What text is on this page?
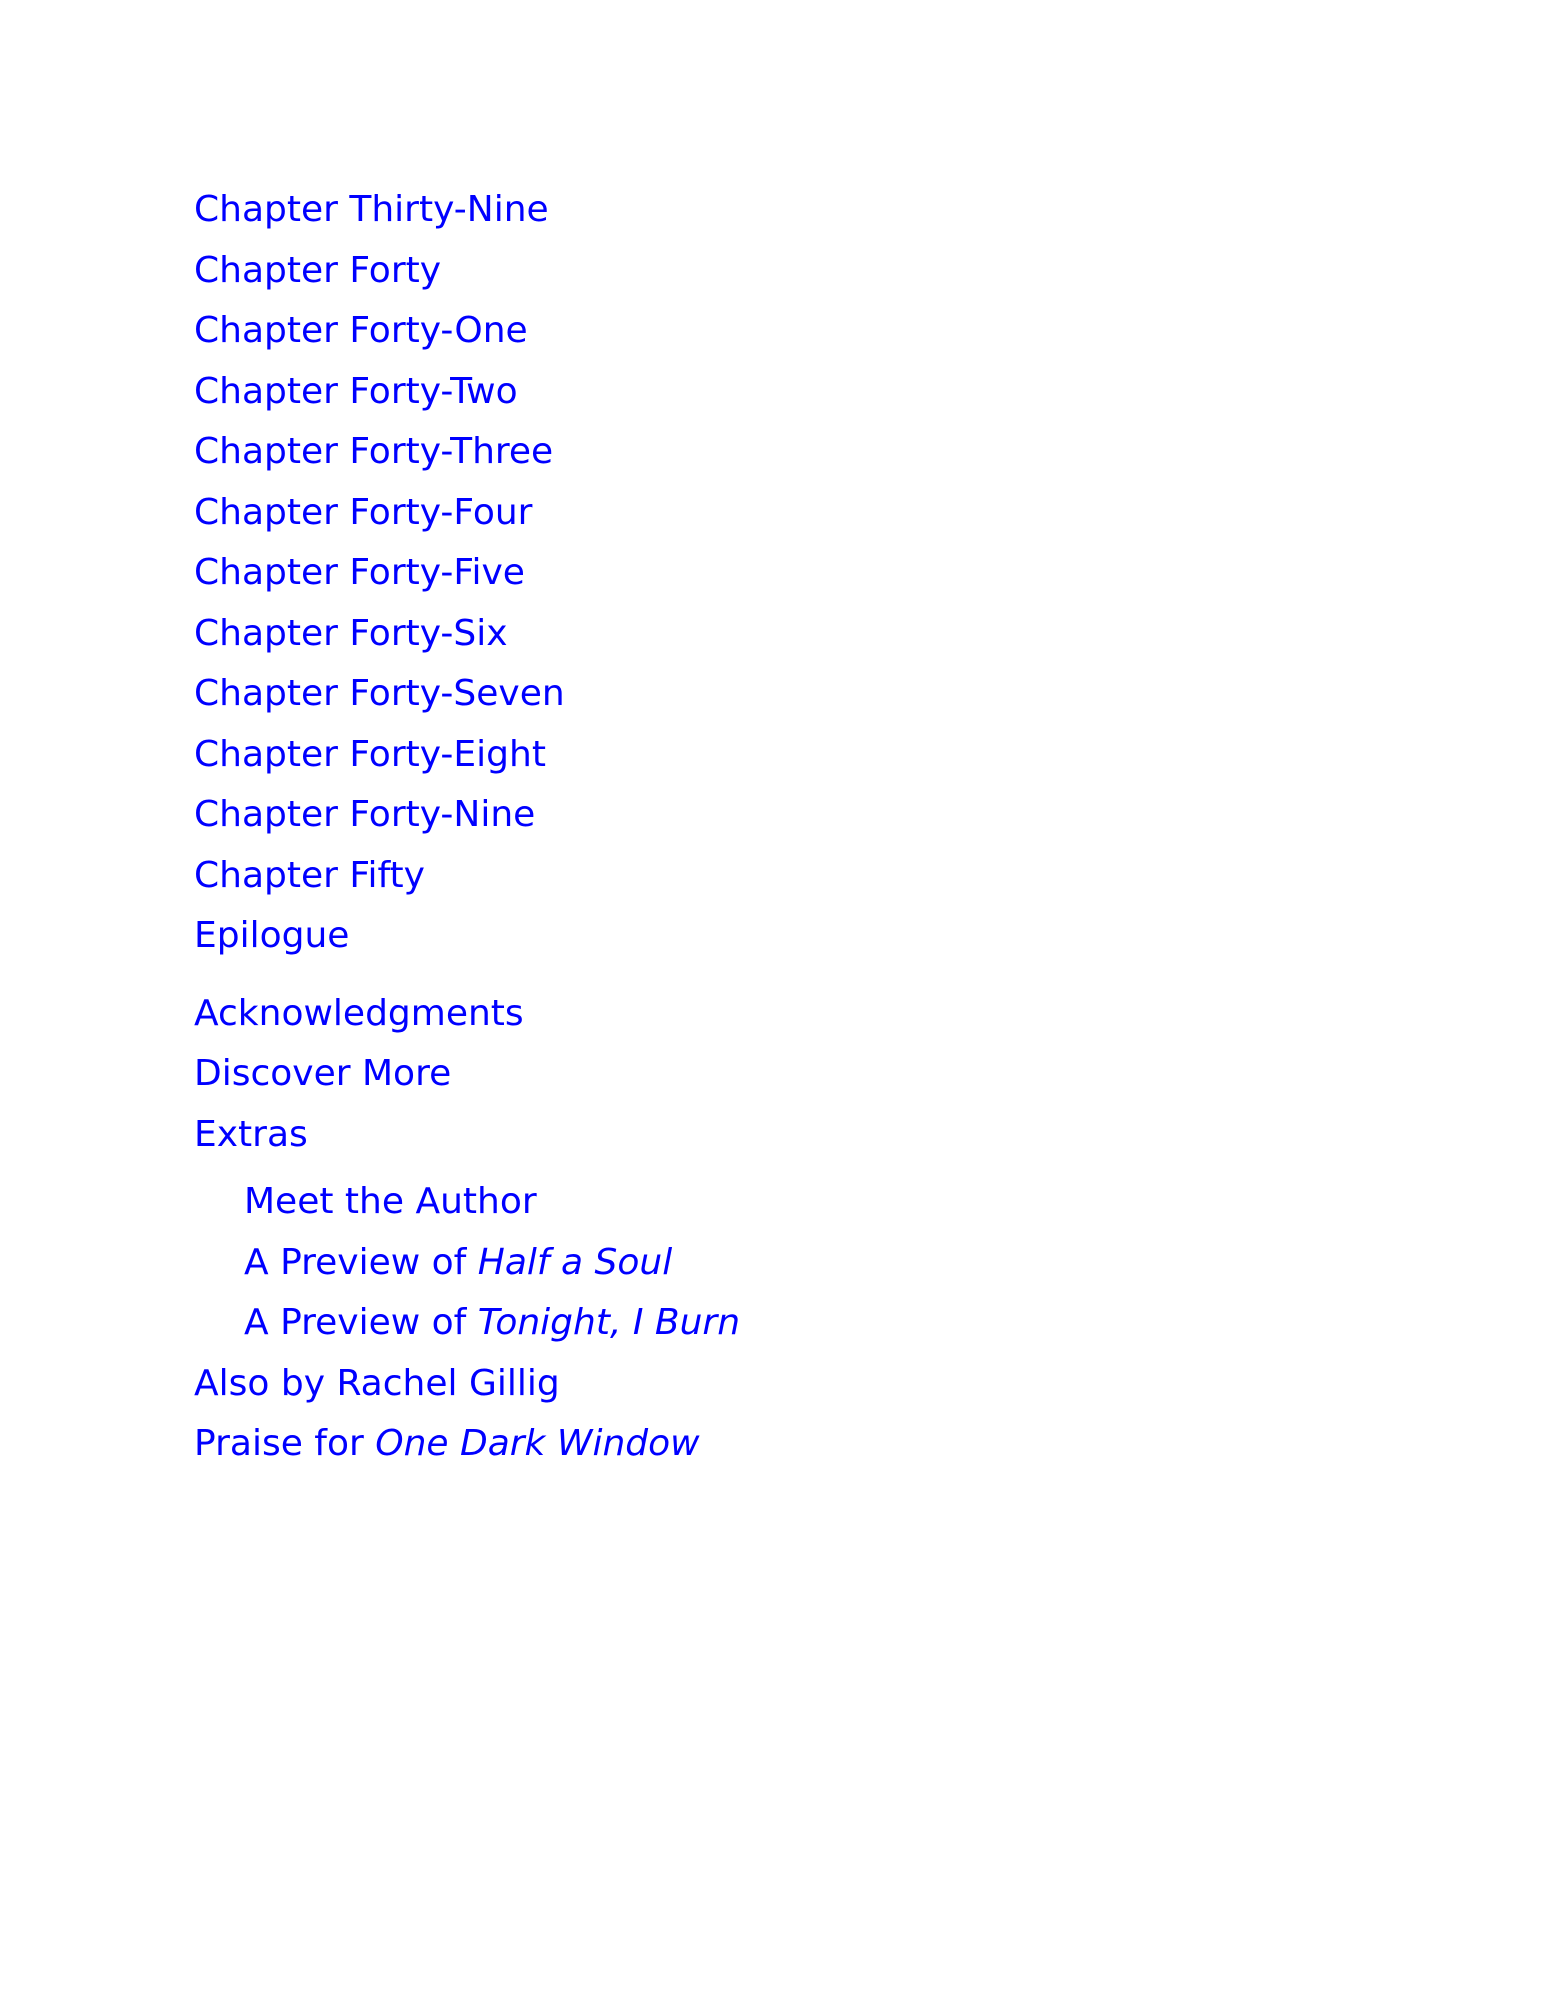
Chapter Thirty-Nine
Chapter Forty
Chapter Forty-One
Chapter Forty-Two
Chapter Forty-Three
Chapter Forty-Four
Chapter Forty-Five
Chapter Forty-Six
Chapter Forty-Seven
Chapter Forty-Eight
Chapter Forty-Nine
Chapter Fifty
Epilogue
Acknowledgments
Discover More
Extras
Meet the Author
A Preview of Half a Soul
A Preview of Tonight, I Burn
Also by Rachel Gillig
Praise for One Dark Window
